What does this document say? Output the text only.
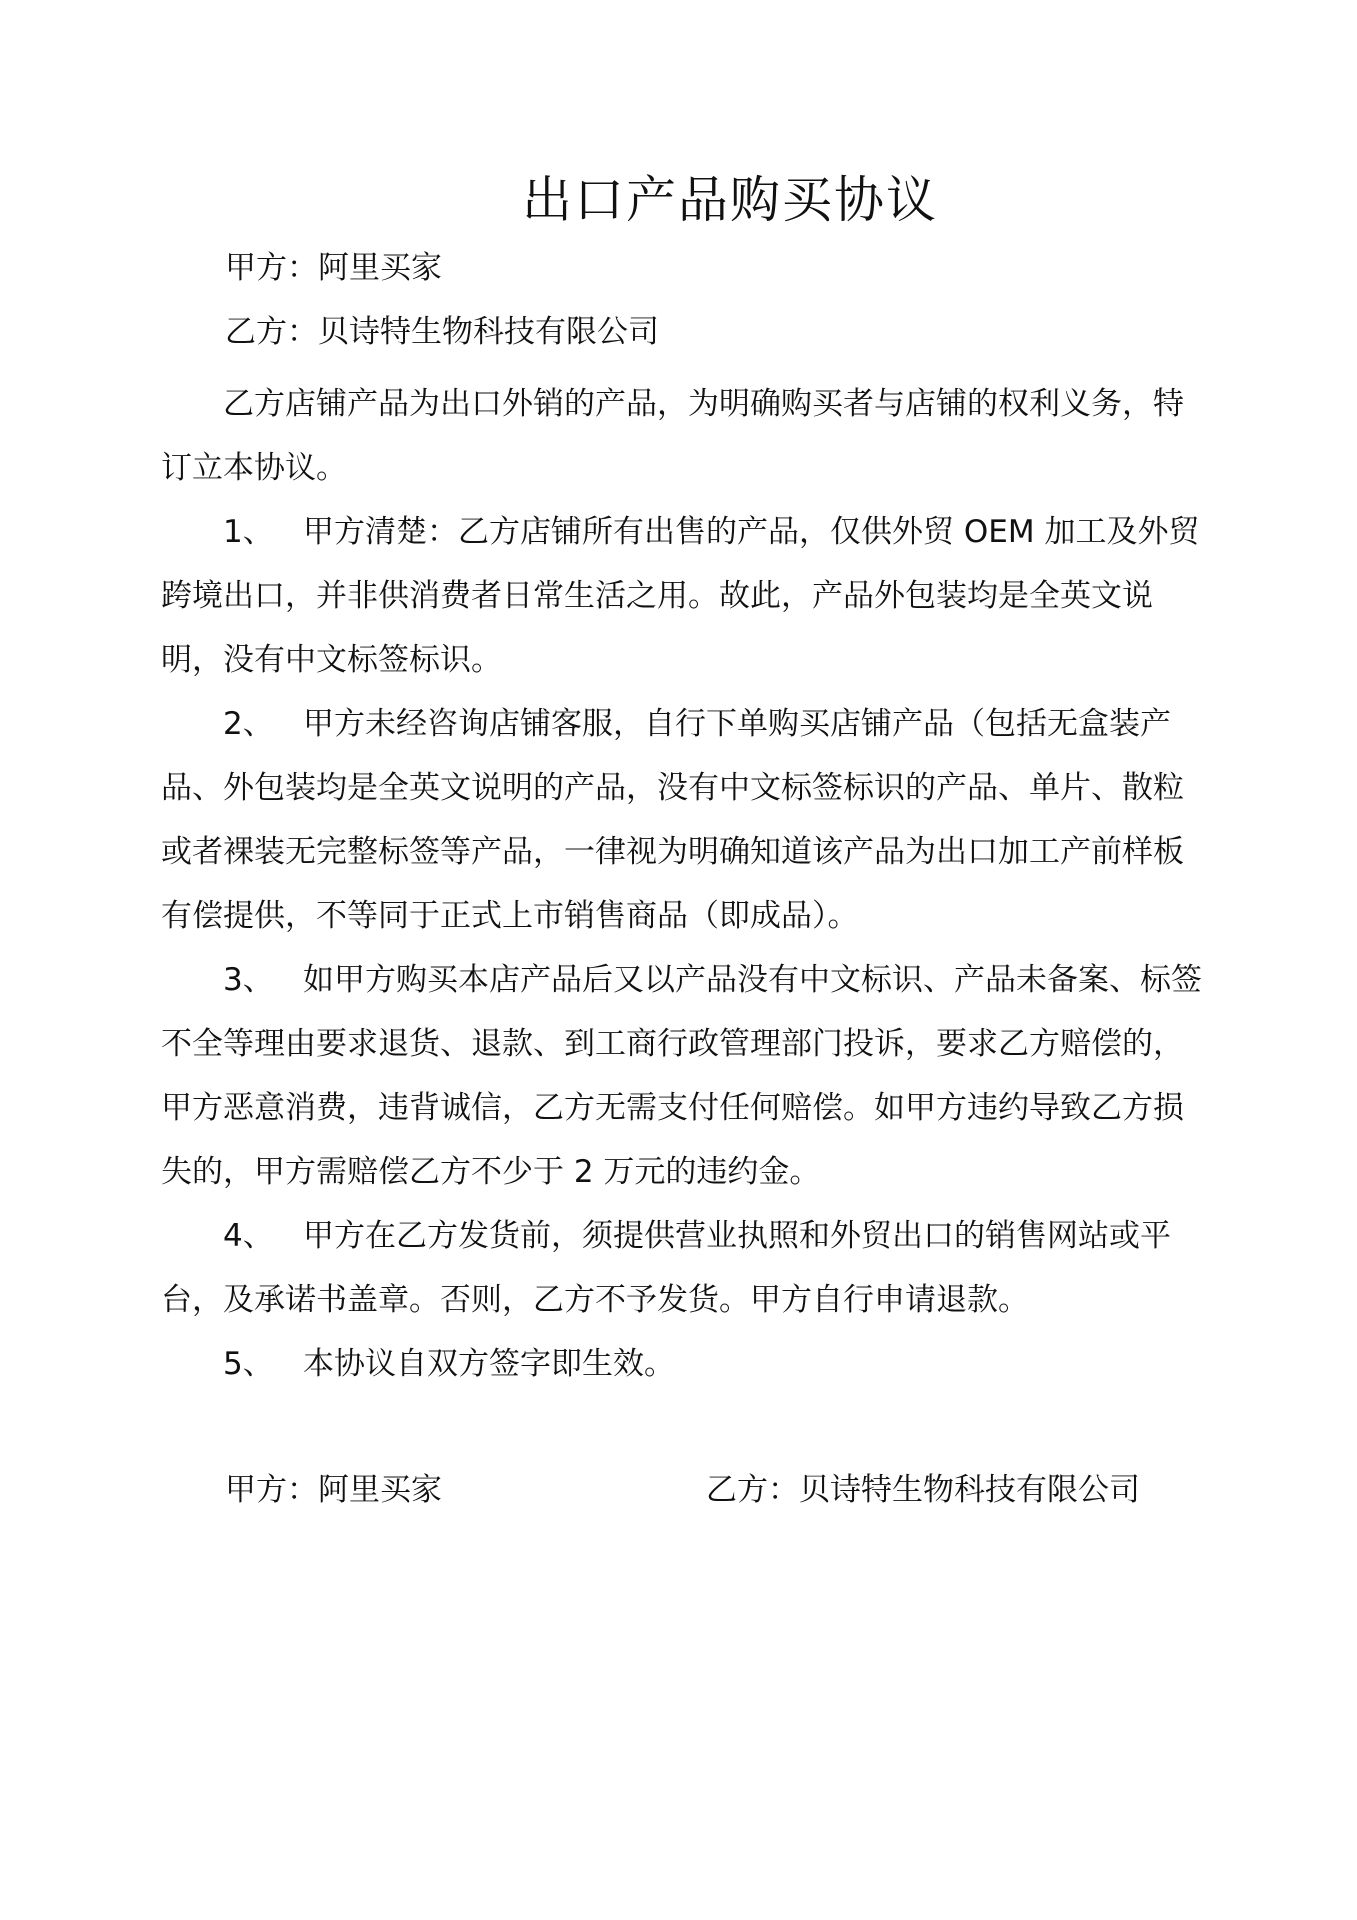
出口产品购买协议
甲方：阿里买家
乙方：贝诗特生物科技有限公司

乙方店铺产品为出口外销的产品，为明确购买者与店铺的权利义务，特订立本协议。

1、 甲方清楚：乙方店铺所有出售的产品，仅供外贸 OEM 加工及外贸跨境出口，并非供消费者日常生活之用。故此，产品外包装均是全英文说明，没有中文标签标识。

2、 甲方未经咨询店铺客服，自行下单购买店铺产品（包括无盒装产品、外包装均是全英文说明的产品，没有中文标签标识的产品、单片、散粒或者裸装无完整标签等产品，一律视为明确知道该产品为出口加工产前样板有偿提供，不等同于正式上市销售商品（即成品）。

3、 如甲方购买本店产品后又以产品没有中文标识、产品未备案、标签不全等理由要求退货、退款、到工商行政管理部门投诉，要求乙方赔偿的，甲方恶意消费，违背诚信，乙方无需支付任何赔偿。如甲方违约导致乙方损失的，甲方需赔偿乙方不少于 2 万元的违约金。

4、 甲方在乙方发货前，须提供营业执照和外贸出口的销售网站或平台，及承诺书盖章。否则，乙方不予发货。甲方自行申请退款。

5、 本协议自双方签字即生效。

甲方：阿里买家	乙方：贝诗特生物科技有限公司
